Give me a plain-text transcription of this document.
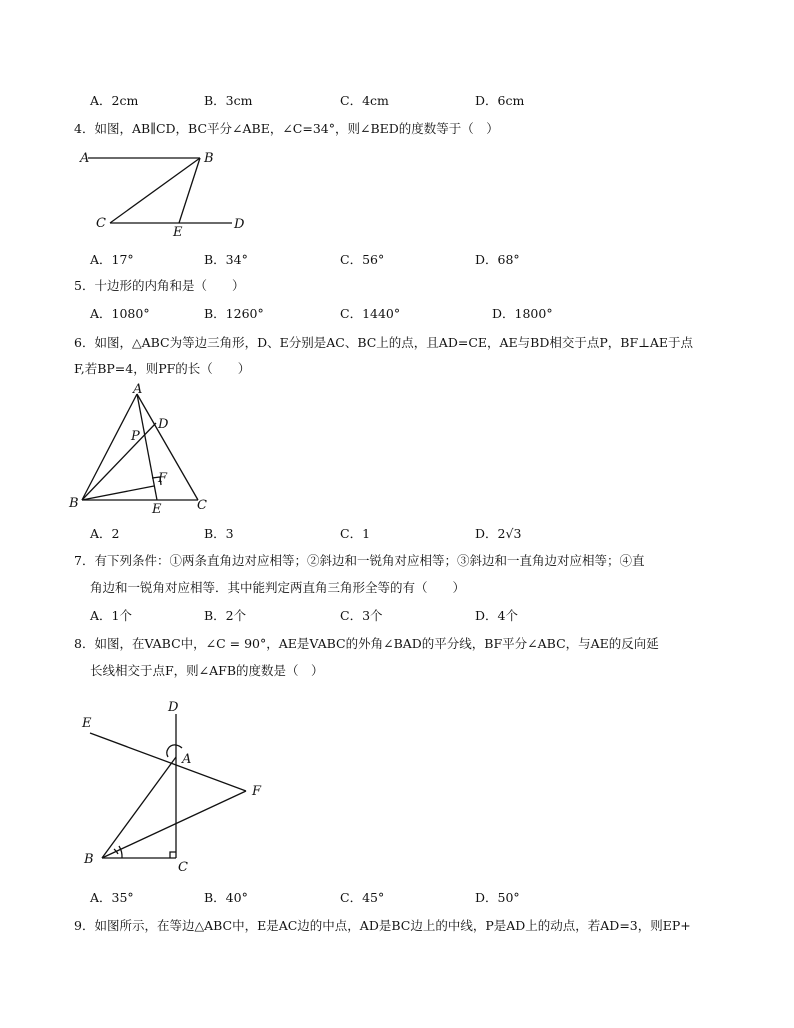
A．2cm	B．3cm	C．4cm	D．6cm
4．如图，AB∥CD，BC平分∠ABE，∠C=34°，则∠BED的度数等于（　）
A	B
C	D
E
A．17°	B．34°	C．56°	D．68°
5．十边形的内角和是（　　）
A．1080°	B．1260°	C．1440°	D．1800°
6．如图，△ABC为等边三角形，D、E分别是AC、BC上的点，且AD=CE，AE与BD相交于点P，BF⊥AE于点
F,若BP=4，则PF的长（　　）
A
B	C
D
E
F
P
A．2	B．3	C．1	D．2√3
7．有下列条件：①两条直角边对应相等；②斜边和一锐角对应相等；③斜边和一直角边对应相等；④直
角边和一锐角对应相等．其中能判定两直角三角形全等的有（　　）
A．1个	B．2个	C．3个	D．4个
8．如图，在VABC中，∠C = 90°，AE是VABC的外角∠BAD的平分线，BF平分∠ABC，与AE的反向延
长线相交于点F，则∠AFB的度数是（　）
D
E
A
F
B
C
A．35°	B．40°	C．45°	D．50°
9．如图所示，在等边△ABC中，E是AC边的中点，AD是BC边上的中线，P是AD上的动点，若AD=3，则EP+
